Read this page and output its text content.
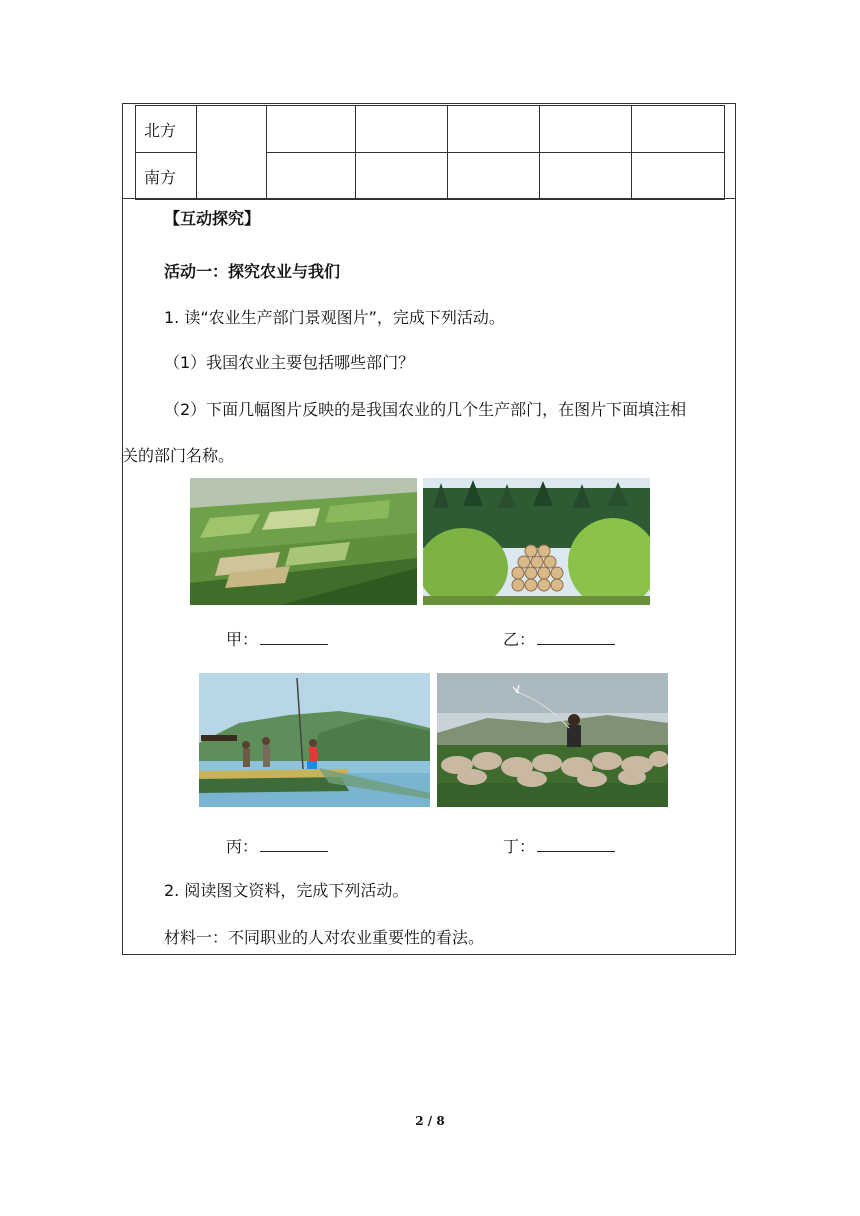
北方						
南方						
【互动探究】
活动一：探究农业与我们
1. 读“农业生产部门景观图片”，完成下列活动。
（1）我国农业主要包括哪些部门？
（2）下面几幅图片反映的是我国农业的几个生产部门，在图片下面填注相
关的部门名称。
甲：	乙：
丙：	丁：
2. 阅读图文资料，完成下列活动。
材料一：不同职业的人对农业重要性的看法。
2 / 8
